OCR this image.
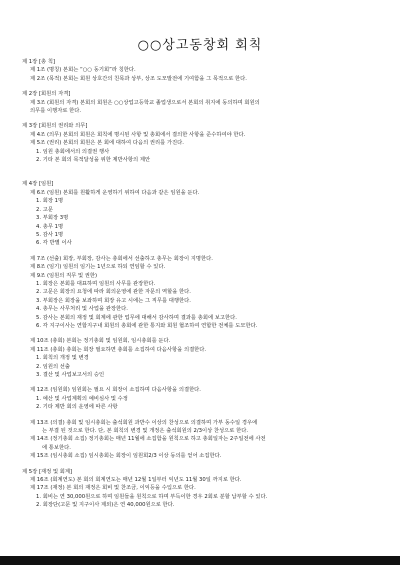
○○상고동창회 회칙
제 1장 [총 칙]
제 1조 (명칭) 본회는 “○○ 동기회”라 칭한다.
제 2조 (목적) 본회는 회원 상호간의 친목과 상부, 상조 도모발전에 기여함을 그 목적으로 한다.
제 2장 [회원의 자격]
제 3조 (회원의 자격) 본회의 회원은 ○○상업고등학교 졸업생으로서 본회의 취지에 동의하며 회원의
의무를 이행자로 한다.
제 3장 [회원의 권리와 의무]
제 4조 (의무) 본회의 회원은 회칙에 명시된 사항 및 총회에서 결의한 사항을 준수하여야 한다.
제 5조 (권리) 본회의 회원은 본 회에 대하여 다음의 권리를 가진다.
1. 임원 총회에서의 의결권 행사
2. 기타 본 회의 목적달성을 위한 제반사항의 제안
제 4장 [임원]
제 6조 (임원) 본회를 원활하게 운영하기 위하여 다음과 같은 임원을 둔다.
1. 회장 1명
2. 고문
3. 부회장 3명
4. 총무 1명
5. 감사 1명
6. 각 반별 이사
제 7조 (선출) 회장, 부회장, 감사는 총회에서 선출하고 총무는 회장이 지명한다.
제 8조 (임기) 임원의 임기는 1년으로 하되 연임할 수 있다.
제 9조 (임원의 직무 및 권한)
1. 회장은 본회를 대표하며 임원의 사무를 관장한다.
2. 고문은 회장의 요청에 따라 회의운영에 관한 자문의 역할을 한다.
3. 부회장은 회장을 보좌하며 회장 유고 시에는 그 직무를 대행한다.
4. 총무는 사무처리 및 사업을 관장한다.
5. 감사는 본회의 재정 및 회계에 관한 업무에 대해서 감사하며 결과를 총회에 보고한다.
6. 각 지구이사는 연합지구내 회원의 총회에 관한 통지와 회원 협조하여 연합한 전체를 도모한다.
제 10조 (총회) 본회는 정기총회 및 임원회, 임시총회를 둔다.
제 11조 (총회) 총회는 회장 필요하면 총회를 소집하여 다음사항을 의결한다.
1. 회칙의 개정 및 변경
2. 임원의 선출
3. 결산 및 사업보고서의 승인
제 12조 (임원회) 임원회는 필요 시 회장이 소집하며 다음사항을 의결한다.
1. 예산 및 사업계획의 예비심사 및 수정
2. 기타 제반 회의 운영에 따른 사항
제 13조 (의결) 총회 및 임시총회는 출석회원 과반수 이상의 찬성으로 의결하며 가부 동수일 경우에
는 부결 된 것으로 한다. 단, 본 회칙의 변경 및 개정은 출석회원의 2/3이상 찬성으로 한다.
제 14조 (정기총회 소집) 정기총회는 매년 11월에 소집함을 원칙으로 하고 총회일자는 2주일전에 사전
에 통보한다.
제 15조 (임시총회 소집) 임시총회는 회장이 임원회2/3 이상 동의를 얻어 소집한다.
제 5장 [재정 및 회계]
제 16조 (회계연도) 본 회의 회계연도는 매년 12월 1일부터 익년도 11월 30일 까지로 한다.
제 17조 (재정) 본 회의 재정은 회비 및 찬조금, 이익등을 수입으로 한다.
1. 회비는 연 30,000원으로 하며 임원들을 원칙으로 하며 부득이한 경우 2회로 분할 납부할 수 있다.
2. 회장단(고문 및 지구이사 제외)은 연 40,000원으로 한다.
